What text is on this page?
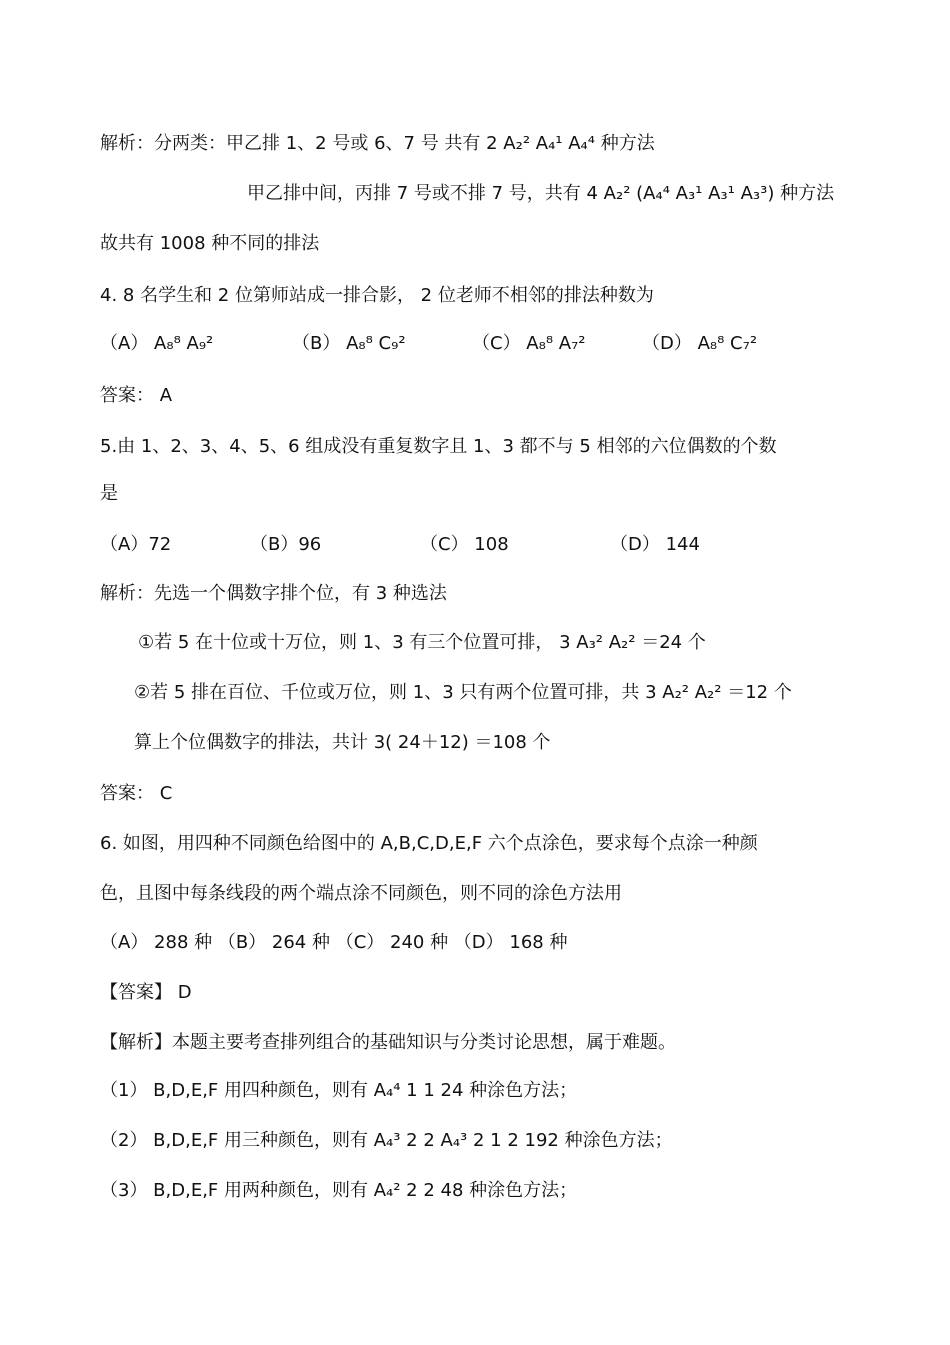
解析：分两类：甲乙排 1、2 号或 6、7 号 共有 2 A₂² A₄¹ A₄⁴ 种方法
甲乙排中间，丙排 7 号或不排 7 号，共有 4 A₂² (A₄⁴ A₃¹ A₃¹ A₃³) 种方法
故共有 1008 种不同的排法
4. 8 名学生和 2 位第师站成一排合影， 2 位老师不相邻的排法种数为
（A） A₈⁸ A₉²	（B） A₈⁸ C₉²	（C） A₈⁸ A₇²	（D） A₈⁸ C₇²
答案： A
5.由 1、2、3、4、5、6 组成没有重复数字且 1、3 都不与 5 相邻的六位偶数的个数
是
（A）72	（B）96	（C） 108	（D） 144
解析：先选一个偶数字排个位，有 3 种选法
①若 5 在十位或十万位，则 1、3 有三个位置可排， 3 A₃² A₂² ＝24 个
②若 5 排在百位、千位或万位，则 1、3 只有两个位置可排，共 3 A₂² A₂² ＝12 个
算上个位偶数字的排法，共计 3( 24＋12) ＝108 个
答案： C
6. 如图，用四种不同颜色给图中的 A,B,C,D,E,F 六个点涂色，要求每个点涂一种颜
色，且图中每条线段的两个端点涂不同颜色，则不同的涂色方法用
（A） 288 种 （B） 264 种 （C） 240 种 （D） 168 种
【答案】 D
【解析】本题主要考查排列组合的基础知识与分类讨论思想，属于难题。
（1） B,D,E,F 用四种颜色，则有 A₄⁴ 1 1 24 种涂色方法；
（2） B,D,E,F 用三种颜色，则有 A₄³ 2 2 A₄³ 2 1 2 192 种涂色方法；
（3） B,D,E,F 用两种颜色，则有 A₄² 2 2 48 种涂色方法；
